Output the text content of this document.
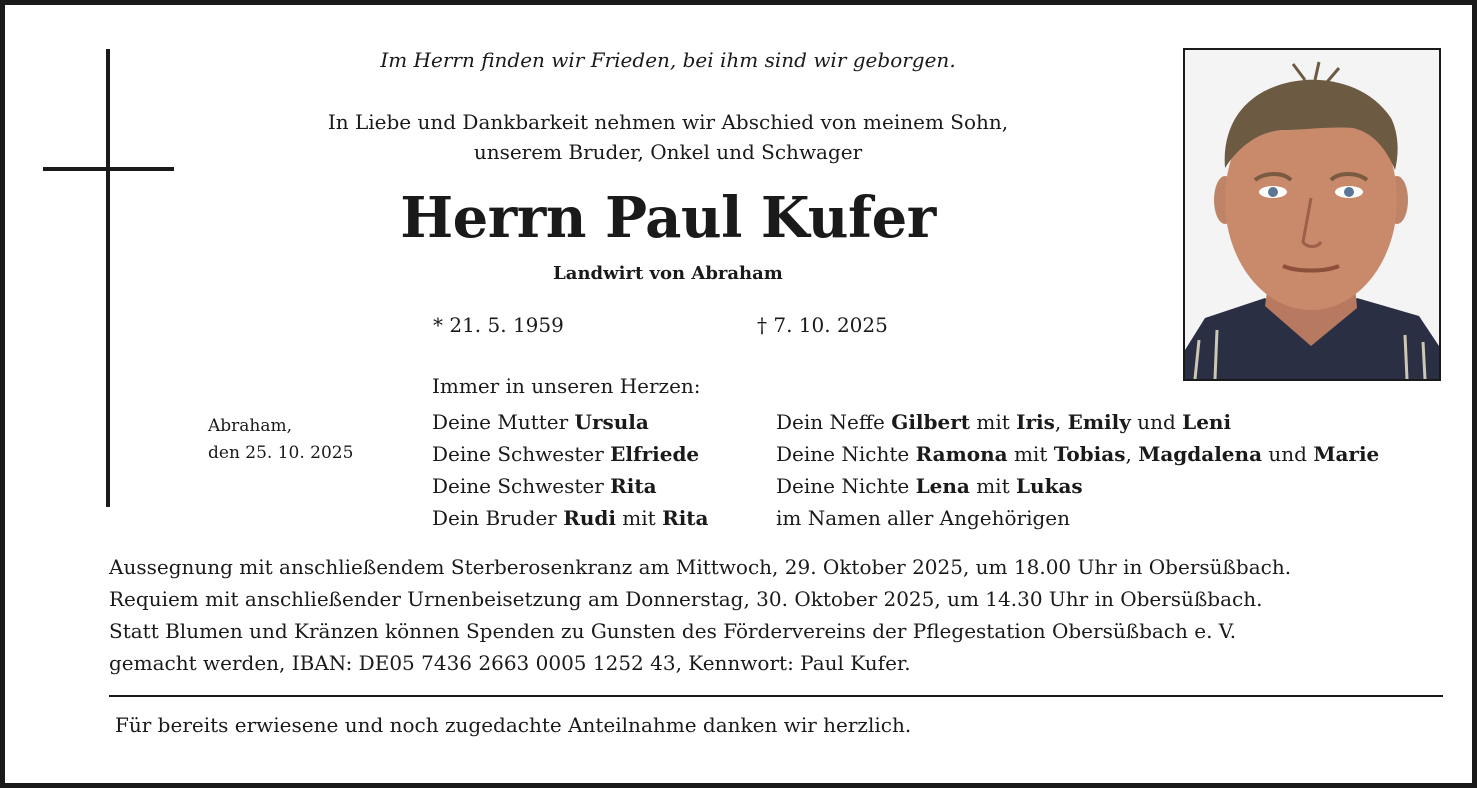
Im Herrn finden wir Frieden, bei ihm sind wir geborgen.
In Liebe und Dankbarkeit nehmen wir Abschied von meinem Sohn,
unserem Bruder, Onkel und Schwager
Herrn Paul Kufer
Landwirt von Abraham
* 21. 5. 1959	† 7. 10. 2025
Immer in unseren Herzen:
Abraham,
den 25. 10. 2025
Deine Mutter Ursula
Deine Schwester Elfriede
Deine Schwester Rita
Dein Bruder Rudi mit Rita
Dein Neffe Gilbert mit Iris, Emily und Leni
Deine Nichte Ramona mit Tobias, Magdalena und Marie
Deine Nichte Lena mit Lukas
im Namen aller Angehörigen
Aussegnung mit anschließendem Sterberosenkranz am Mittwoch, 29. Oktober 2025, um 18.00 Uhr in Obersüßbach.
Requiem mit anschließender Urnenbeisetzung am Donnerstag, 30. Oktober 2025, um 14.30 Uhr in Obersüßbach.
Statt Blumen und Kränzen können Spenden zu Gunsten des Fördervereins der Pflegestation Obersüßbach e. V.
gemacht werden, IBAN: DE05 7436 2663 0005 1252 43, Kennwort: Paul Kufer.
Für bereits erwiesene und noch zugedachte Anteilnahme danken wir herzlich.
